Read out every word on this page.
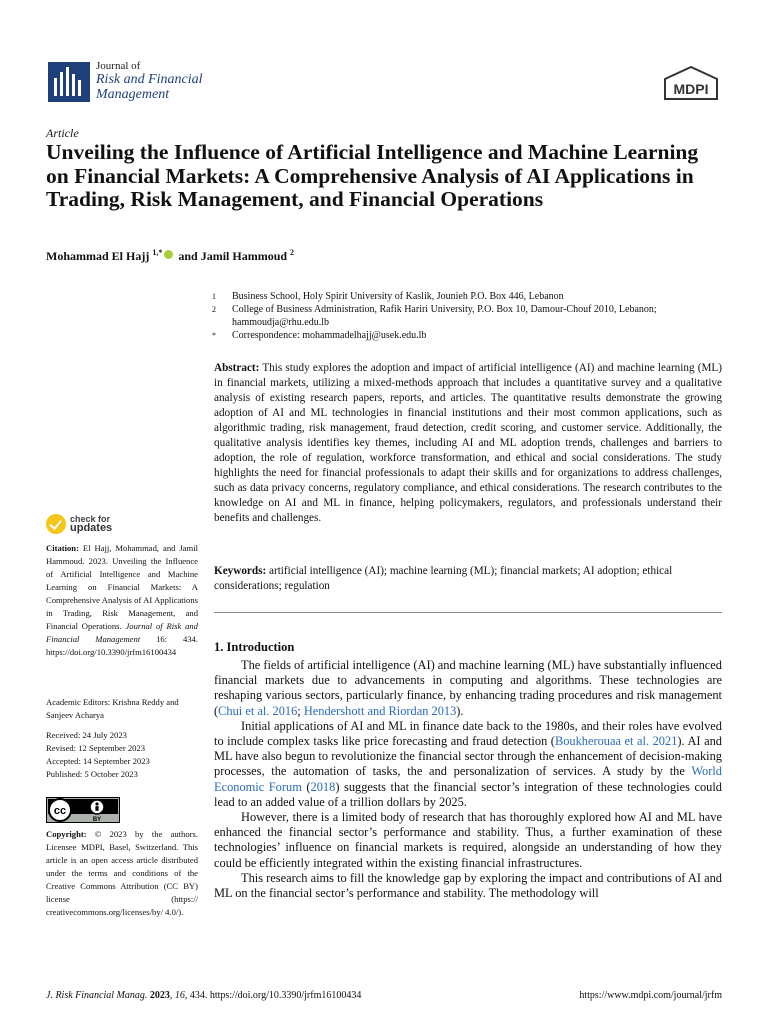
Journal of
Risk and Financial
Management	MDPI
Article
Unveiling the Influence of Artificial Intelligence and Machine Learning on Financial Markets: A Comprehensive Analysis of AI Applications in Trading, Risk Management, and Financial Operations
Mohammad El Hajj $^{1,*}$ and Jamil Hammoud $^2$
1	Business School, Holy Spirit University of Kaslik, Jounieh P.O. Box 446, Lebanon
2	College of Business Administration, Rafik Hariri University, P.O. Box 10, Damour-Chouf 2010, Lebanon; hammoudja@rhu.edu.lb
*	Correspondence: mohammadelhajj@usek.edu.lb
Abstract: This study explores the adoption and impact of artificial intelligence (AI) and machine learning (ML) in financial markets, utilizing a mixed-methods approach that includes a quantitative survey and a qualitative analysis of existing research papers, reports, and articles. The quantitative results demonstrate the growing adoption of AI and ML technologies in financial institutions and their most common applications, such as algorithmic trading, risk management, fraud detection, credit scoring, and customer service. Additionally, the qualitative analysis identifies key themes, including AI and ML adoption trends, challenges and barriers to adoption, the role of regulation, workforce transformation, and ethical and social considerations. The study highlights the need for financial professionals to adapt their skills and for organizations to address challenges, such as data privacy concerns, regulatory compliance, and ethical considerations. The research contributes to the knowledge on AI and ML in finance, helping policymakers, regulators, and professionals understand their benefits and challenges.
Keywords: artificial intelligence (AI); machine learning (ML); financial markets; AI adoption; ethical considerations; regulation
1. Introduction

The fields of artificial intelligence (AI) and machine learning (ML) have substantially influenced financial markets due to advancements in computing and algorithms. These technologies are reshaping various sectors, particularly finance, by enhancing trading procedures and risk management (Chui et al. 2016; Hendershott and Riordan 2013).

Initial applications of AI and ML in finance date back to the 1980s, and their roles have evolved to include complex tasks like price forecasting and fraud detection (Boukherouaa et al. 2021). AI and ML have also begun to revolutionize the financial sector through the enhancement of decision-making processes, the automation of tasks, the and personalization of services. A study by the World Economic Forum (2018) suggests that the financial sector’s integration of these technologies could lead to an added value of a trillion dollars by 2025.

However, there is a limited body of research that has thoroughly explored how AI and ML have enhanced the financial sector’s performance and stability. Thus, a further examination of these technologies’ influence on financial markets is required, alongside an understanding of how they could be efficiently integrated within the existing financial infrastructures.

This research aims to fill the knowledge gap by exploring the impact and contributions of AI and ML on the financial sector’s performance and stability. The methodology will

check for
updates
Citation: El Hajj, Mohammad, and Jamil Hammoud. 2023. Unveiling the Influence of Artificial Intelligence and Machine Learning on Financial Markets: A Comprehensive Analysis of AI Applications in Trading, Risk Management, and Financial Operations. Journal of Risk and Financial Management 16: 434. https://doi.org/10.3390/jrfm16100434
Academic Editors: Krishna Reddy and Sanjeev Acharya
Received: 24 July 2023
Revised: 12 September 2023
Accepted: 14 September 2023
Published: 5 October 2023
cc
BY
Copyright: © 2023 by the authors. Licensee MDPI, Basel, Switzerland. This article is an open access article distributed under the terms and conditions of the Creative Commons Attribution (CC BY) license (https:// creativecommons.org/licenses/by/ 4.0/).
J. Risk Financial Manag. 2023, 16, 434. https://doi.org/10.3390/jrfm16100434	https://www.mdpi.com/journal/jrfm
